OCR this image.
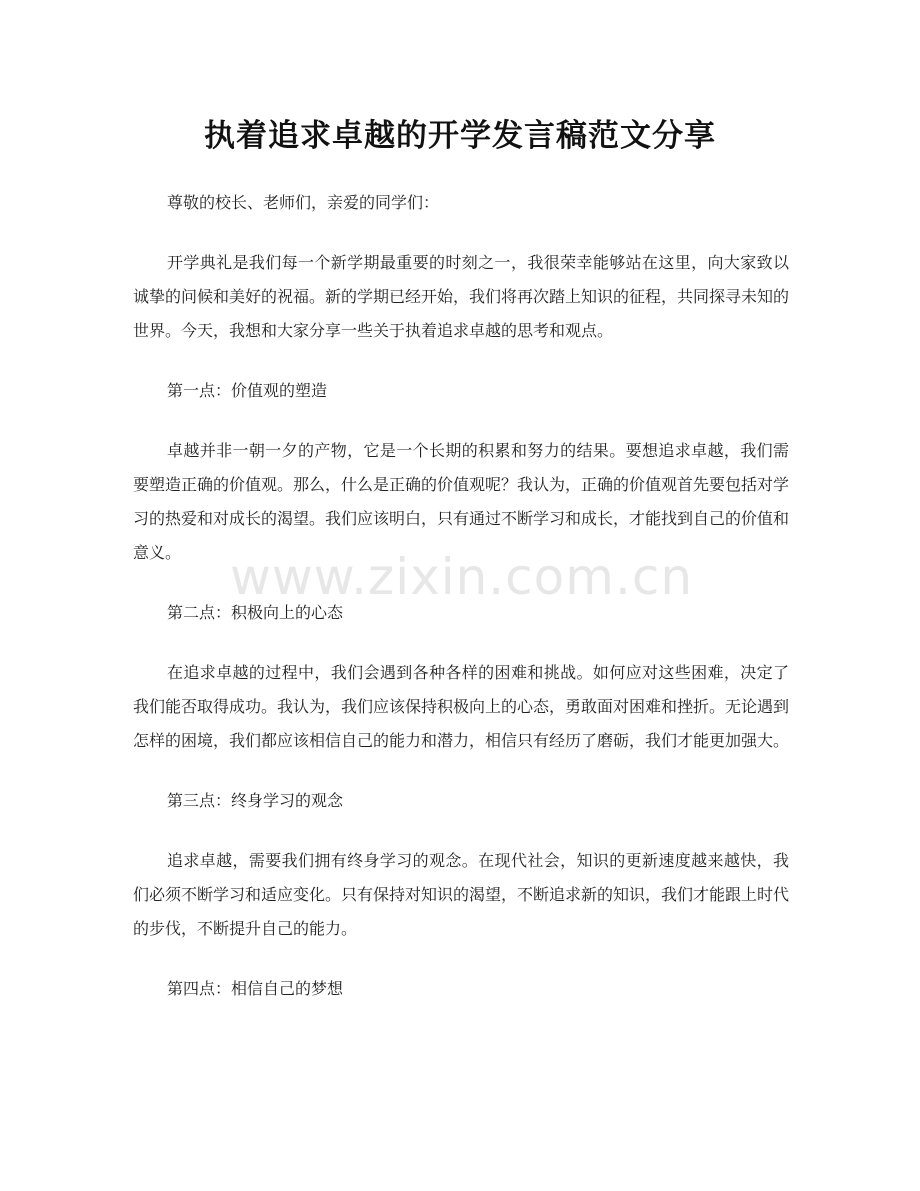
执着追求卓越的开学发言稿范文分享

尊敬的校长、老师们，亲爱的同学们：

开学典礼是我们每一个新学期最重要的时刻之一，我很荣幸能够站在这里，向大家致以诚挚的问候和美好的祝福。新的学期已经开始，我们将再次踏上知识的征程，共同探寻未知的世界。今天，我想和大家分享一些关于执着追求卓越的思考和观点。

第一点：价值观的塑造

卓越并非一朝一夕的产物，它是一个长期的积累和努力的结果。要想追求卓越，我们需要塑造正确的价值观。那么，什么是正确的价值观呢？我认为，正确的价值观首先要包括对学习的热爱和对成长的渴望。我们应该明白，只有通过不断学习和成长，才能找到自己的价值和意义。

第二点：积极向上的心态

在追求卓越的过程中，我们会遇到各种各样的困难和挑战。如何应对这些困难，决定了我们能否取得成功。我认为，我们应该保持积极向上的心态，勇敢面对困难和挫折。无论遇到怎样的困境，我们都应该相信自己的能力和潜力，相信只有经历了磨砺，我们才能更加强大。

第三点：终身学习的观念

追求卓越，需要我们拥有终身学习的观念。在现代社会，知识的更新速度越来越快，我们必须不断学习和适应变化。只有保持对知识的渴望，不断追求新的知识，我们才能跟上时代的步伐，不断提升自己的能力。

第四点：相信自己的梦想

www.zixin.com.cn
